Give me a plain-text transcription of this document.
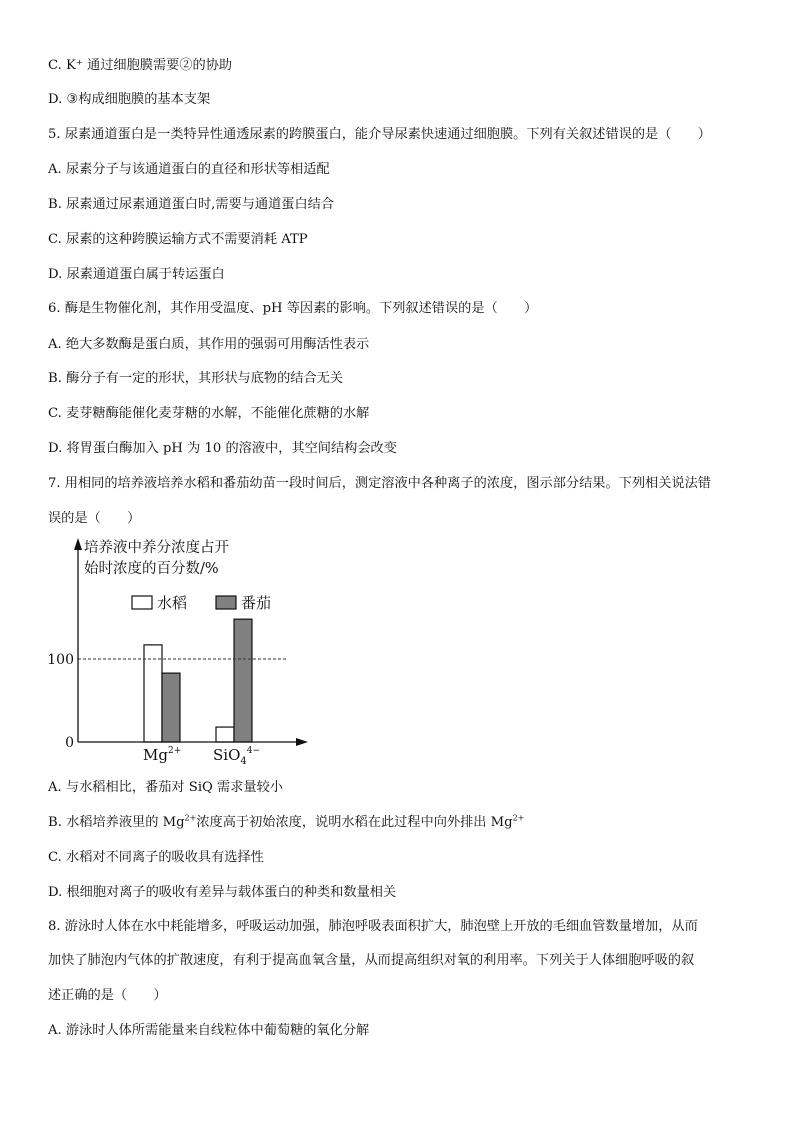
C. K⁺ 通过细胞膜需要②的协助
D. ③构成细胞膜的基本支架
5. 尿素通道蛋白是一类特异性通透尿素的跨膜蛋白，能介导尿素快速通过细胞膜。下列有关叙述错误的是（　　）
A. 尿素分子与该通道蛋白的直径和形状等相适配
B. 尿素通过尿素通道蛋白时,需要与通道蛋白结合
C. 尿素的这种跨膜运输方式不需要消耗 ATP
D. 尿素通道蛋白属于转运蛋白
6. 酶是生物催化剂，其作用受温度、pH 等因素的影响。下列叙述错误的是（　　）
A. 绝大多数酶是蛋白质，其作用的强弱可用酶活性表示
B. 酶分子有一定的形状，其形状与底物的结合无关
C. 麦芽糖酶能催化麦芽糖的水解，不能催化蔗糖的水解
D. 将胃蛋白酶加入 pH 为 10 的溶液中，其空间结构会改变
7. 用相同的培养液培养水稻和番茄幼苗一段时间后，测定溶液中各种离子的浓度，图示部分结果。下列相关说法错
误的是（　　）
培养液中养分浓度占开
始时浓度的百分数/%
水稻	番茄
0
100
$Mg^{2+}$ SiO$_4^{4-}$
A. 与水稻相比，番茄对 SiQ 需求量较小
B. 水稻培养液里的 $Mg^{2+}$浓度高于初始浓度，说明水稻在此过程中向外排出 $Mg^{2+}$
C. 水稻对不同离子的吸收具有选择性
D. 根细胞对离子的吸收有差异与载体蛋白的种类和数量相关
8. 游泳时人体在水中耗能增多，呼吸运动加强，肺泡呼吸表面积扩大，肺泡壁上开放的毛细血管数量增加，从而
加快了肺泡内气体的扩散速度，有利于提高血氧含量，从而提高组织对氧的利用率。下列关于人体细胞呼吸的叙
述正确的是（　　）
A. 游泳时人体所需能量来自线粒体中葡萄糖的氧化分解
